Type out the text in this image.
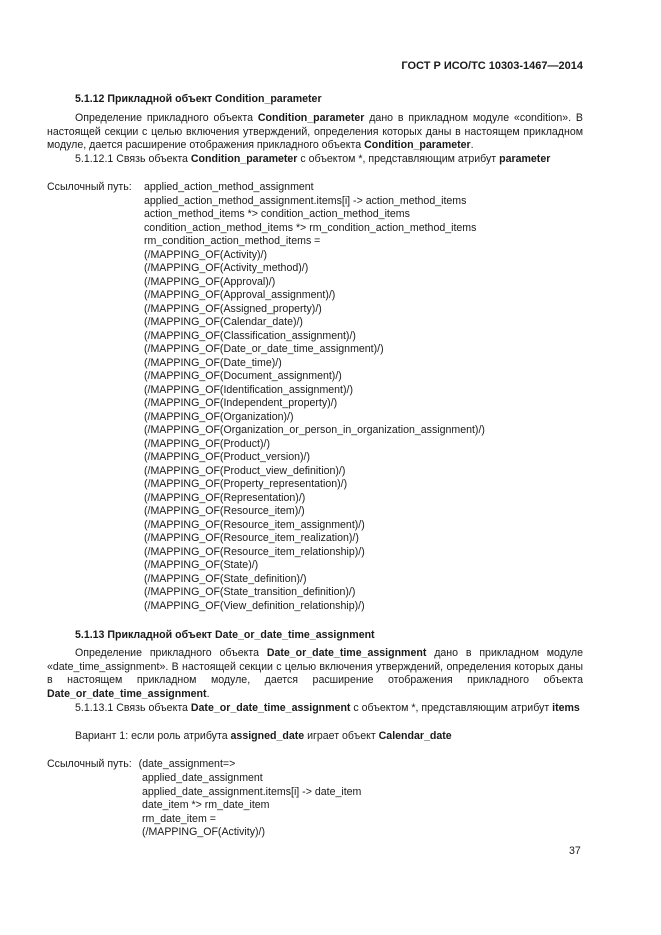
ГОСТ Р ИСО/ТС 10303-1467—2014
5.1.12 Прикладной объект Condition_parameter
Определение прикладного объекта Condition_parameter дано в прикладном модуле «condition». В настоящей секции с целью включения утверждений, определения которых даны в настоящем прикладном модуле, дается расширение отображения прикладного объекта Condition_parameter.
5.1.12.1 Связь объекта Condition_parameter с объектом *, представляющим атрибут parameter
Ссылочный путь: applied_action_method_assignment
applied_action_method_assignment.items[i] -> action_method_items
action_method_items *> condition_action_method_items
condition_action_method_items *> rm_condition_action_method_items
rm_condition_action_method_items =
(/MAPPING_OF(Activity)/)
(/MAPPING_OF(Activity_method)/)
(/MAPPING_OF(Approval)/)
(/MAPPING_OF(Approval_assignment)/)
(/MAPPING_OF(Assigned_property)/)
(/MAPPING_OF(Calendar_date)/)
(/MAPPING_OF(Classification_assignment)/)
(/MAPPING_OF(Date_or_date_time_assignment)/)
(/MAPPING_OF(Date_time)/)
(/MAPPING_OF(Document_assignment)/)
(/MAPPING_OF(Identification_assignment)/)
(/MAPPING_OF(Independent_property)/)
(/MAPPING_OF(Organization)/)
(/MAPPING_OF(Organization_or_person_in_organization_assignment)/)
(/MAPPING_OF(Product)/)
(/MAPPING_OF(Product_version)/)
(/MAPPING_OF(Product_view_definition)/)
(/MAPPING_OF(Property_representation)/)
(/MAPPING_OF(Representation)/)
(/MAPPING_OF(Resource_item)/)
(/MAPPING_OF(Resource_item_assignment)/)
(/MAPPING_OF(Resource_item_realization)/)
(/MAPPING_OF(Resource_item_relationship)/)
(/MAPPING_OF(State)/)
(/MAPPING_OF(State_definition)/)
(/MAPPING_OF(State_transition_definition)/)
(/MAPPING_OF(View_definition_relationship)/)
5.1.13 Прикладной объект Date_or_date_time_assignment
Определение прикладного объекта Date_or_date_time_assignment дано в прикладном модуле «date_time_assignment». В настоящей секции с целью включения утверждений, определения которых даны в настоящем прикладном модуле, дается расширение отображения прикладного объекта Date_or_date_time_assignment.
5.1.13.1 Связь объекта Date_or_date_time_assignment с объектом *, представляющим атрибут items
Вариант 1: если роль атрибута assigned_date играет объект Calendar_date
Ссылочный путь: (date_assignment=>
applied_date_assignment
applied_date_assignment.items[i] -> date_item
date_item *> rm_date_item
rm_date_item =
(/MAPPING_OF(Activity)/)
37
